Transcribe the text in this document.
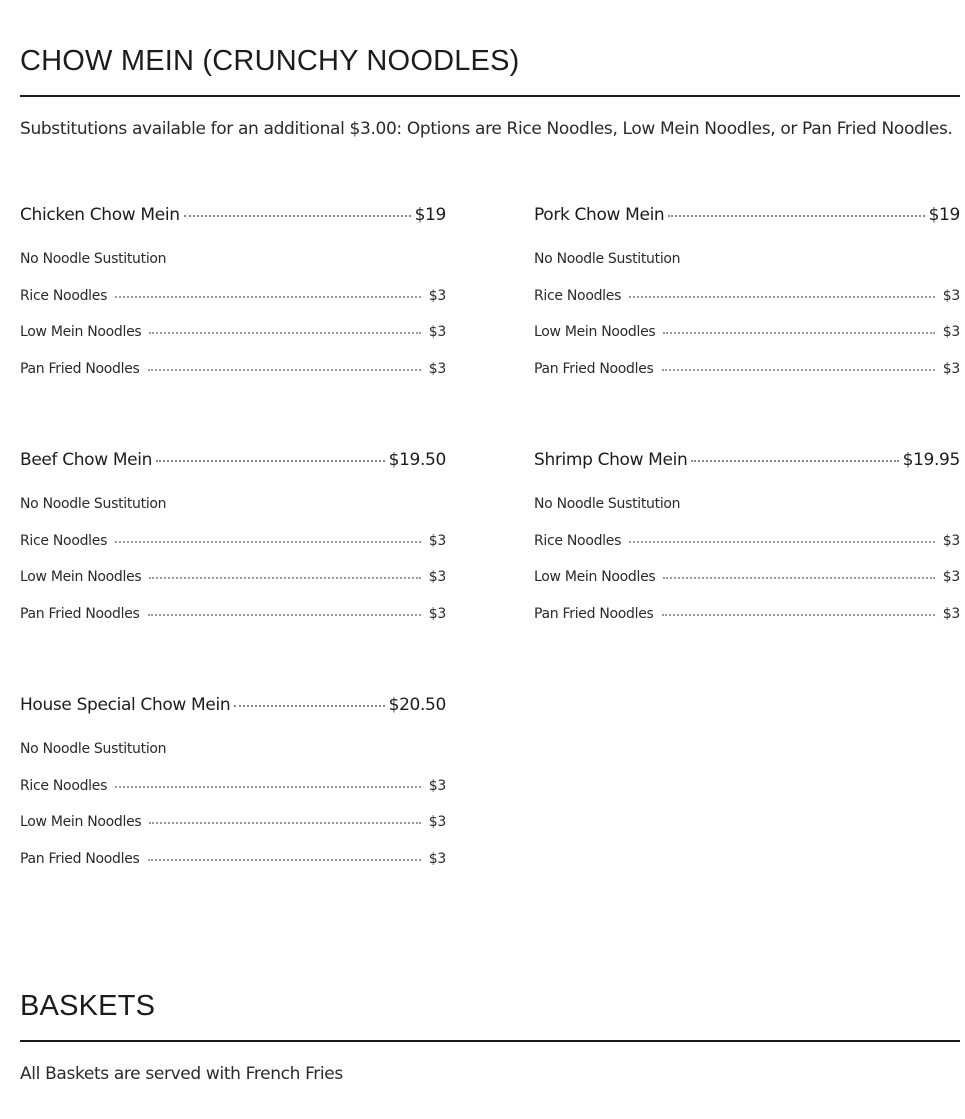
CHOW MEIN (CRUNCHY NOODLES)

Substitutions available for an additional $3.00: Options are Rice Noodles, Low Mein Noodles, or Pan Fried Noodles.

Chicken Chow Mein	$19
No Noodle Sustitution
Rice Noodles	$3
Low Mein Noodles	$3
Pan Fried Noodles	$3
Pork Chow Mein	$19
No Noodle Sustitution
Rice Noodles	$3
Low Mein Noodles	$3
Pan Fried Noodles	$3
Beef Chow Mein	$19.50
No Noodle Sustitution
Rice Noodles	$3
Low Mein Noodles	$3
Pan Fried Noodles	$3
Shrimp Chow Mein	$19.95
No Noodle Sustitution
Rice Noodles	$3
Low Mein Noodles	$3
Pan Fried Noodles	$3
House Special Chow Mein	$20.50
No Noodle Sustitution
Rice Noodles	$3
Low Mein Noodles	$3
Pan Fried Noodles	$3
BASKETS

All Baskets are served with French Fries
